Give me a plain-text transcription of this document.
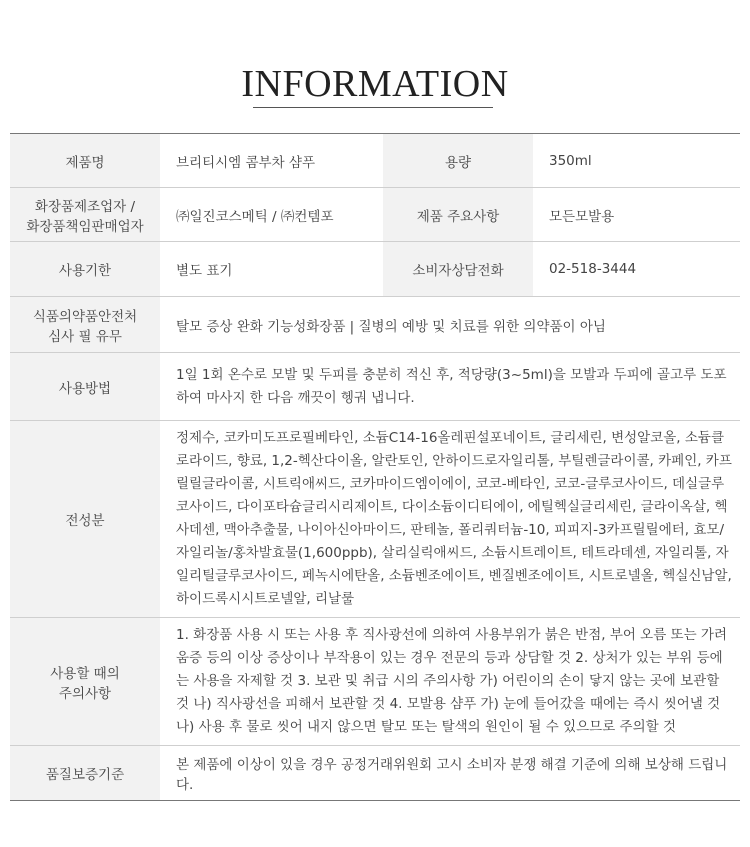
INFORMATION
제품명	브리티시엠 콤부차 샴푸	용량	350ml
화장품제조업자 /
화장품책임판매업자	㈜일진코스메틱 / ㈜컨템포	제품 주요사항	모든모발용
사용기한	별도 표기	소비자상담전화	02-518-3444
식품의약품안전처
심사 필 유무	탈모 증상 완화 기능성화장품 | 질병의 예방 및 치료를 위한 의약품이 아님		
사용방법	1일 1회 온수로 모발 및 두피를 충분히 적신 후, 적당량(3~5ml)을 모발과 두피에 골고루 도포하여 마사지 한 다음 깨끗이 헹궈 냅니다.		
전성분	정제수, 코카미도프로필베타인, 소듐C14-16올레핀설포네이트, 글리세린, 변성알코올, 소듐클로라이드, 향료, 1,2-헥산다이올, 알란토인, 안하이드로자일리톨, 부틸렌글라이콜, 카페인, 카프릴릴글라이콜, 시트릭애씨드, 코카마이드엠이에이, 코코-베타인, 코코-글루코사이드, 데실글루코사이드, 다이포타슘글리시리제이트, 다이소듐이디티에이, 에틸헥실글리세린, 글라이옥살, 헥사데센, 맥아추출물, 나이아신아마이드, 판테놀, 폴리쿼터늄-10, 피피지-3카프릴릴에터, 효모/자일리놀/홍차발효물(1,600ppb), 살리실릭애씨드, 소듐시트레이트, 테트라데센, 자일리톨, 자일리틸글루코사이드, 페녹시에탄올, 소듐벤조에이트, 벤질벤조에이트, 시트로넬올, 헥실신남알, 하이드록시시트로넬알, 리날룰		
사용할 때의
주의사항	1. 화장품 사용 시 또는 사용 후 직사광선에 의하여 사용부위가 붉은 반점, 부어 오름 또는 가려움증 등의 이상 증상이나 부작용이 있는 경우 전문의 등과 상담할 것 2. 상처가 있는 부위 등에는 사용을 자제할 것 3. 보관 및 취급 시의 주의사항 가) 어린이의 손이 닿지 않는 곳에 보관할 것 나) 직사광선을 피해서 보관할 것 4. 모발용 샴푸 가) 눈에 들어갔을 때에는 즉시 씻어낼 것 나) 사용 후 물로 씻어 내지 않으면 탈모 또는 탈색의 원인이 될 수 있으므로 주의할 것		
품질보증기준	본 제품에 이상이 있을 경우 공정거래위원회 고시 소비자 분쟁 해결 기준에 의해 보상해 드립니다.		
